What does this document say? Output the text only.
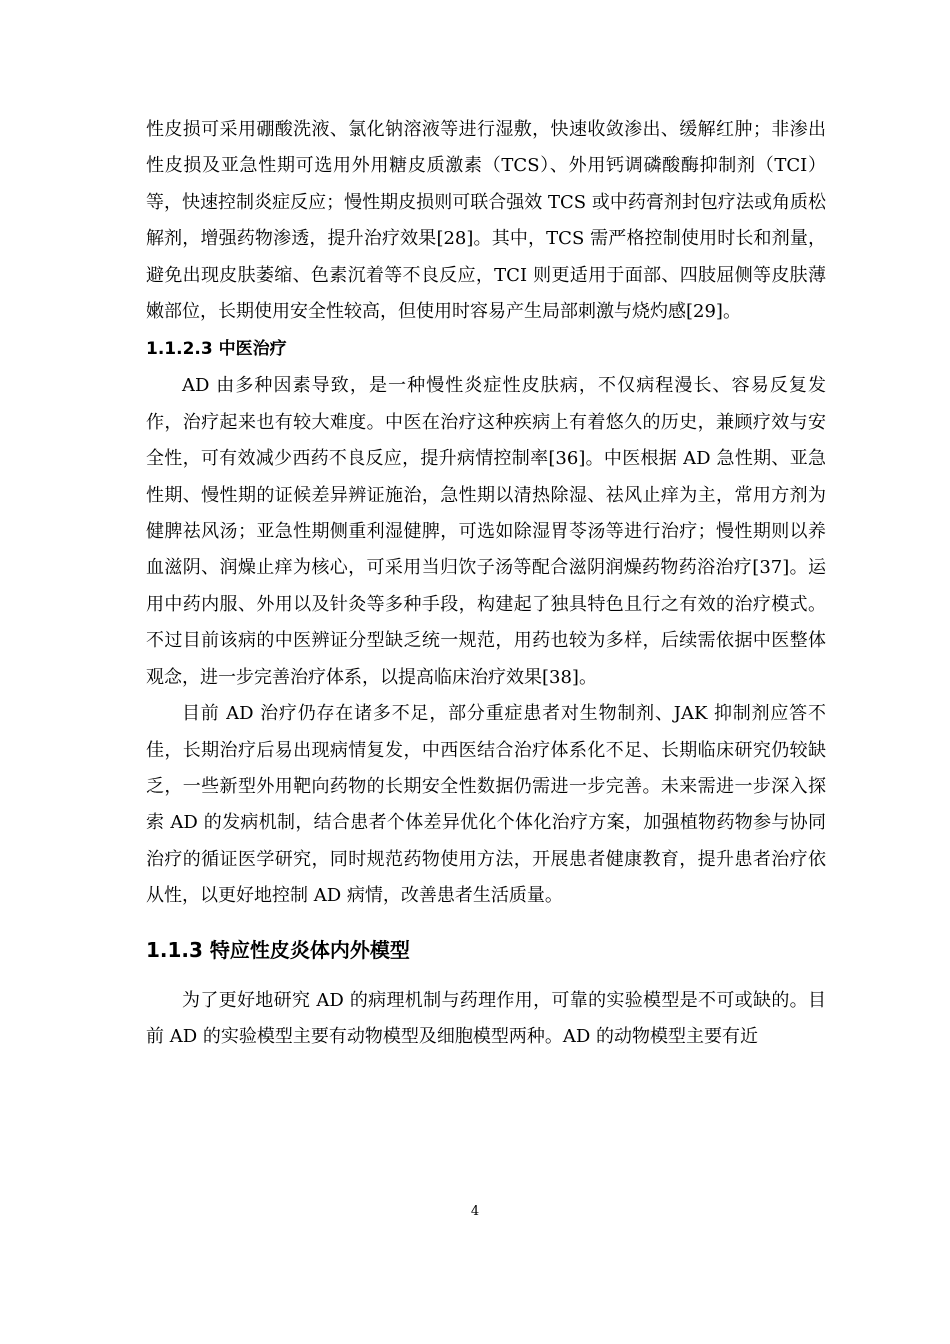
性皮损可采用硼酸洗液、氯化钠溶液等进行湿敷，快速收敛渗出、缓解红肿；非渗出性皮损及亚急性期可选用外用糖皮质激素（TCS）、外用钙调磷酸酶抑制剂（TCI）等，快速控制炎症反应；慢性期皮损则可联合强效 TCS 或中药膏剂封包疗法或角质松解剂，增强药物渗透，提升治疗效果[28]。其中，TCS 需严格控制使用时长和剂量，避免出现皮肤萎缩、色素沉着等不良反应，TCI 则更适用于面部、四肢屈侧等皮肤薄嫩部位，长期使用安全性较高，但使用时容易产生局部刺激与烧灼感[29]。

1.1.2.3 中医治疗

AD 由多种因素导致，是一种慢性炎症性皮肤病，不仅病程漫长、容易反复发作，治疗起来也有较大难度。中医在治疗这种疾病上有着悠久的历史，兼顾疗效与安全性，可有效减少西药不良反应，提升病情控制率[36]。中医根据 AD 急性期、亚急性期、慢性期的证候差异辨证施治，急性期以清热除湿、祛风止痒为主，常用方剂为健脾祛风汤；亚急性期侧重利湿健脾，可选如除湿胃苓汤等进行治疗；慢性期则以养血滋阴、润燥止痒为核心，可采用当归饮子汤等配合滋阴润燥药物药浴治疗[37]。运用中药内服、外用以及针灸等多种手段，构建起了独具特色且行之有效的治疗模式。不过目前该病的中医辨证分型缺乏统一规范，用药也较为多样，后续需依据中医整体观念，进一步完善治疗体系，以提高临床治疗效果[38]。

目前 AD 治疗仍存在诸多不足，部分重症患者对生物制剂、JAK 抑制剂应答不佳，长期治疗后易出现病情复发，中西医结合治疗体系化不足、长期临床研究仍较缺乏，一些新型外用靶向药物的长期安全性数据仍需进一步完善。未来需进一步深入探索 AD 的发病机制，结合患者个体差异优化个体化治疗方案，加强植物药物参与协同治疗的循证医学研究，同时规范药物使用方法，开展患者健康教育，提升患者治疗依从性，以更好地控制 AD 病情，改善患者生活质量。

1.1.3 特应性皮炎体内外模型

为了更好地研究 AD 的病理机制与药理作用，可靠的实验模型是不可或缺的。目前 AD 的实验模型主要有动物模型及细胞模型两种。AD 的动物模型主要有近

4
